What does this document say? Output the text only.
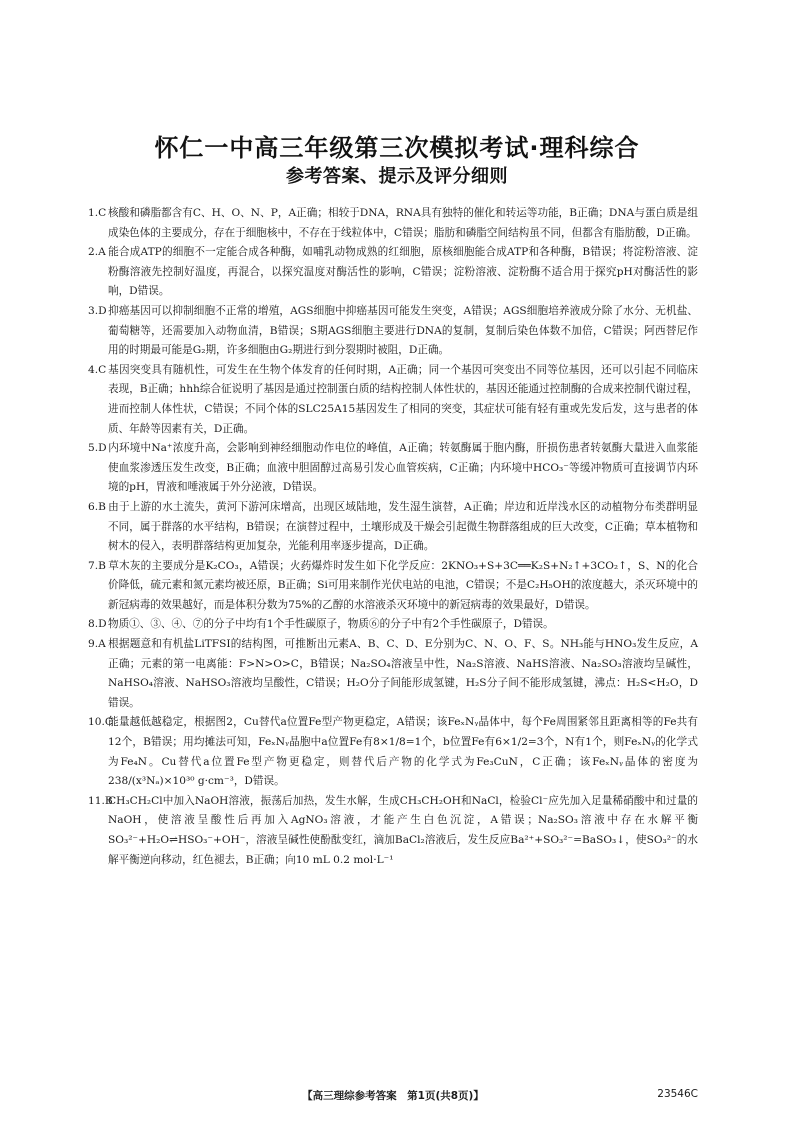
怀仁一中高三年级第三次模拟考试·理科综合
参考答案、提示及评分细则

1.C 核酸和磷脂都含有C、H、O、N、P，A正确；相较于DNA，RNA具有独特的催化和转运等功能，B正确；DNA与蛋白质是组成染色体的主要成分，存在于细胞核中，不存在于线粒体中，C错误；脂肪和磷脂空间结构虽不同，但都含有脂肪酸，D正确。

2.A 能合成ATP的细胞不一定能合成各种酶，如哺乳动物成熟的红细胞，原核细胞能合成ATP和各种酶，B错误；将淀粉溶液、淀粉酶溶液先控制好温度，再混合，以探究温度对酶活性的影响，C错误；淀粉溶液、淀粉酶不适合用于探究pH对酶活性的影响，D错误。

3.D抑癌基因可以抑制细胞不正常的增殖，AGS细胞中抑癌基因可能发生突变，A错误；AGS细胞培养液成分除了水分、无机盐、葡萄糖等，还需要加入动物血清，B错误；S期AGS细胞主要进行DNA的复制，复制后染色体数不加倍，C错误；阿西替尼作用的时期最可能是G₂期，许多细胞由G₂期进行到分裂期时被阻，D正确。

4.C 基因突变具有随机性，可发生在生物个体发育的任何时期，A正确；同一个基因可突变出不同等位基因，还可以引起不同临床表现，B正确；hhh综合征说明了基因是通过控制蛋白质的结构控制人体性状的，基因还能通过控制酶的合成来控制代谢过程，进而控制人体性状，C错误；不同个体的SLC25A15基因发生了相同的突变，其症状可能有轻有重或先发后发，这与患者的体质、年龄等因素有关，D正确。

5.D内环境中Na⁺浓度升高，会影响到神经细胞动作电位的峰值，A正确；转氨酶属于胞内酶，肝损伤患者转氨酶大量进入血浆能使血浆渗透压发生改变，B正确；血液中胆固醇过高易引发心血管疾病，C正确；内环境中HCO₃⁻等缓冲物质可直接调节内环境的pH，胃液和唾液属于外分泌液，D错误。

6.B 由于上游的水土流失，黄河下游河床增高，出现区域陆地，发生湿生演替，A正确；岸边和近岸浅水区的动植物分布类群明显不同，属于群落的水平结构，B错误；在演替过程中，土壤形成及干燥会引起微生物群落组成的巨大改变，C正确；草本植物和树木的侵入，表明群落结构更加复杂，光能利用率逐步提高，D正确。

7.B 草木灰的主要成分是K₂CO₃，A错误；火药爆炸时发生如下化学反应：2KNO₃+S+3C══K₂S+N₂↑+3CO₂↑，S、N的化合价降低，硫元素和氮元素均被还原，B正确；Si可用来制作光伏电站的电池，C错误；不是C₂H₅OH的浓度越大，杀灭环境中的新冠病毒的效果越好，而是体积分数为75%的乙醇的水溶液杀灭环境中的新冠病毒的效果最好，D错误。

8.D物质①、③、④、⑦的分子中均有1个手性碳原子，物质⑥的分子中有2个手性碳原子，D错误。

9.A 根据题意和有机盐LiTFSI的结构图，可推断出元素A、B、C、D、E分别为C、N、O、F、S。NH₃能与HNO₃发生反应，A正确；元素的第一电离能：F>N>O>C，B错误；Na₂SO₄溶液呈中性，Na₂S溶液、NaHS溶液、Na₂SO₃溶液均呈碱性，NaHSO₄溶液、NaHSO₃溶液均呈酸性，C错误；H₂O分子间能形成氢键，H₂S分子间不能形成氢键，沸点：H₂S<H₂O，D错误。

10.C能量越低越稳定，根据图2，Cu替代a位置Fe型产物更稳定，A错误；该FeₓNᵧ晶体中，每个Fe周围紧邻且距离相等的Fe共有12个，B错误；用均摊法可知，FeₓNᵧ晶胞中a位置Fe有8×1/8=1个，b位置Fe有6×1/2=3个，N有1个，则FeₓNᵧ的化学式为Fe₄N。Cu替代a位置Fe型产物更稳定，则替代后产物的化学式为Fe₃CuN，C正确；该FeₓNᵧ晶体的密度为238/(x³Nₐ)×10³⁰ g·cm⁻³，D错误。

11.BCH₃CH₂Cl中加入NaOH溶液，振荡后加热，发生水解，生成CH₃CH₂OH和NaCl，检验Cl⁻应先加入足量稀硝酸中和过量的NaOH，使溶液呈酸性后再加入AgNO₃溶液，才能产生白色沉淀，A错误；Na₂SO₃溶液中存在水解平衡SO₃²⁻+H₂O⇌HSO₃⁻+OH⁻，溶液呈碱性使酚酞变红，滴加BaCl₂溶液后，发生反应Ba²⁺+SO₃²⁻=BaSO₃↓，使SO₃²⁻的水解平衡逆向移动，红色褪去，B正确；向10 mL 0.2 mol·L⁻¹

【高三理综参考答案　第1页(共8页)】	23546C
